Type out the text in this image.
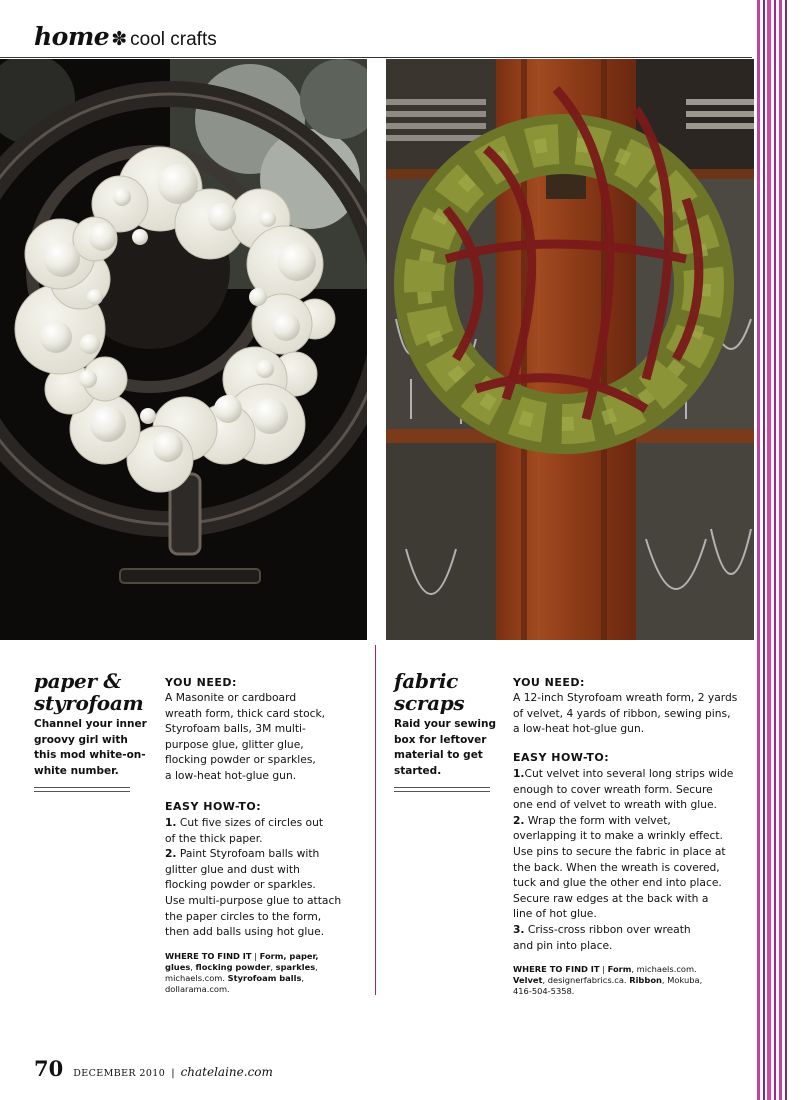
home ✽ cool crafts
paper &
styrofoam
Channel your inner
groovy girl with
this mod white-on-
white number.
YOU NEED:
A Masonite or cardboard
wreath form, thick card stock,
Styrofoam balls, 3M multi-
purpose glue, glitter glue,
flocking powder or sparkles,
a low-heat hot-glue gun.
EASY HOW-TO:
1. Cut five sizes of circles out
of the thick paper.
2. Paint Styrofoam balls with
glitter glue and dust with
flocking powder or sparkles.
Use multi-purpose glue to attach
the paper circles to the form,
then add balls using hot glue.
WHERE TO FIND IT | Form, paper,
glues, flocking powder, sparkles,
michaels.com. Styrofoam balls,
dollarama.com.
fabric
scraps
Raid your sewing
box for leftover
material to get
started.
YOU NEED:
A 12-inch Styrofoam wreath form, 2 yards
of velvet, 4 yards of ribbon, sewing pins,
a low-heat hot-glue gun.
EASY HOW-TO:
1.Cut velvet into several long strips wide
enough to cover wreath form. Secure
one end of velvet to wreath with glue.
2. Wrap the form with velvet,
overlapping it to make a wrinkly effect.
Use pins to secure the fabric in place at
the back. When the wreath is covered,
tuck and glue the other end into place.
Secure raw edges at the back with a
line of hot glue.
3. Criss-cross ribbon over wreath
and pin into place.
WHERE TO FIND IT | Form, michaels.com.
Velvet, designerfabrics.ca. Ribbon, Mokuba,
416-504-5358.
70 DECEMBER 2010 | chatelaine.com
